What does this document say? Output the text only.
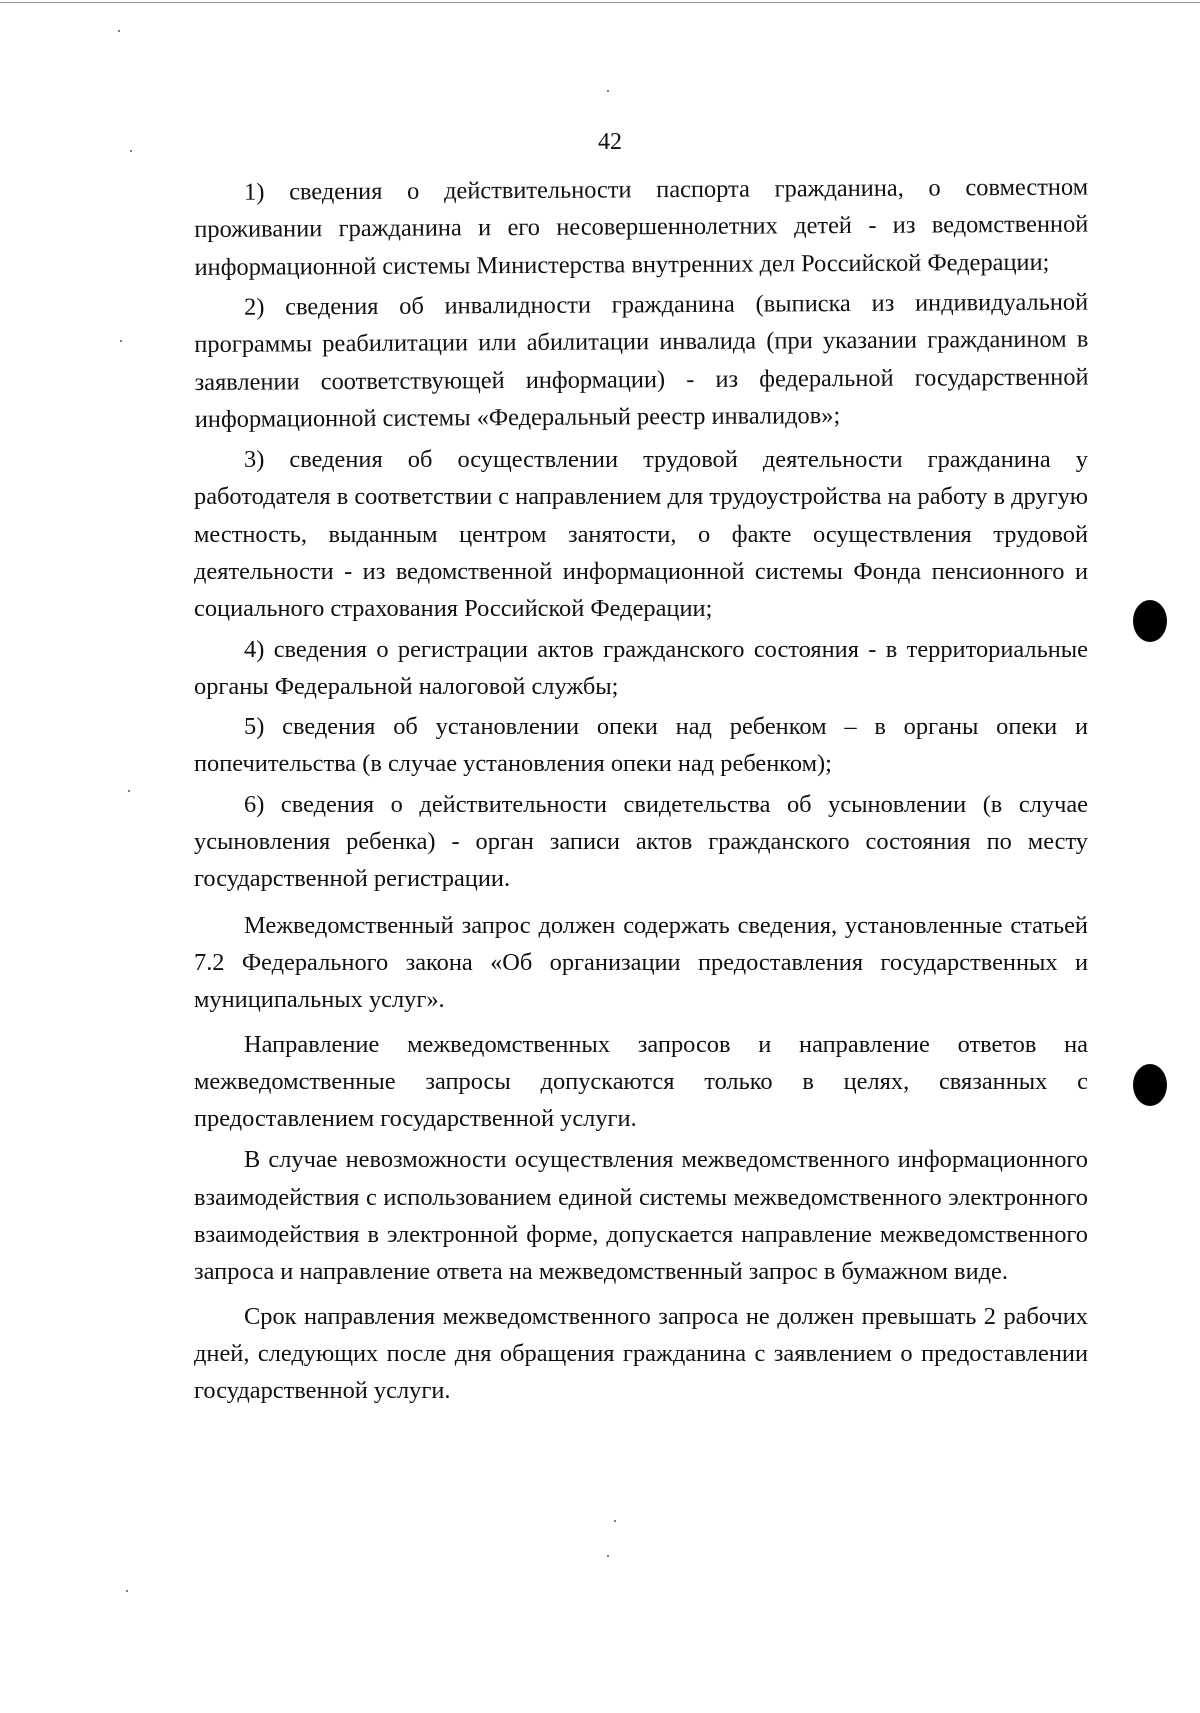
42

1) сведения о действительности паспорта гражданина, о совместном проживании гражданина и его несовершеннолетних детей - из ведомственной информационной системы Министерства внутренних дел Российской Федерации;

2) сведения об инвалидности гражданина (выписка из индивидуальной программы реабилитации или абилитации инвалида (при указании гражданином в заявлении соответствующей информации) - из федеральной государственной информационной системы «Федеральный реестр инвалидов»;

3) сведения об осуществлении трудовой деятельности гражданина у работодателя в соответствии с направлением для трудоустройства на работу в другую местность, выданным центром занятости, о факте осуществления трудовой деятельности - из ведомственной информационной системы Фонда пенсионного и социального страхования Российской Федерации;

4) сведения о регистрации актов гражданского состояния - в территориальные органы Федеральной налоговой службы;

5) сведения об установлении опеки над ребенком – в органы опеки и попечительства (в случае установления опеки над ребенком);

6) сведения о действительности свидетельства об усыновлении (в случае усыновления ребенка) - орган записи актов гражданского состояния по месту государственной регистрации.

Межведомственный запрос должен содержать сведения, установленные статьей 7.2 Федерального закона «Об организации предоставления государственных и муниципальных услуг».

Направление межведомственных запросов и направление ответов на межведомственные запросы допускаются только в целях, связанных с предоставлением государственной услуги.

В случае невозможности осуществления межведомственного информационного взаимодействия с использованием единой системы межведомственного электронного взаимодействия в электронной форме, допускается направление межведомственного запроса и направление ответа на межведомственный запрос в бумажном виде.

Срок направления межведомственного запроса не должен превышать 2 рабочих дней, следующих после дня обращения гражданина с заявлением о предоставлении государственной услуги.
